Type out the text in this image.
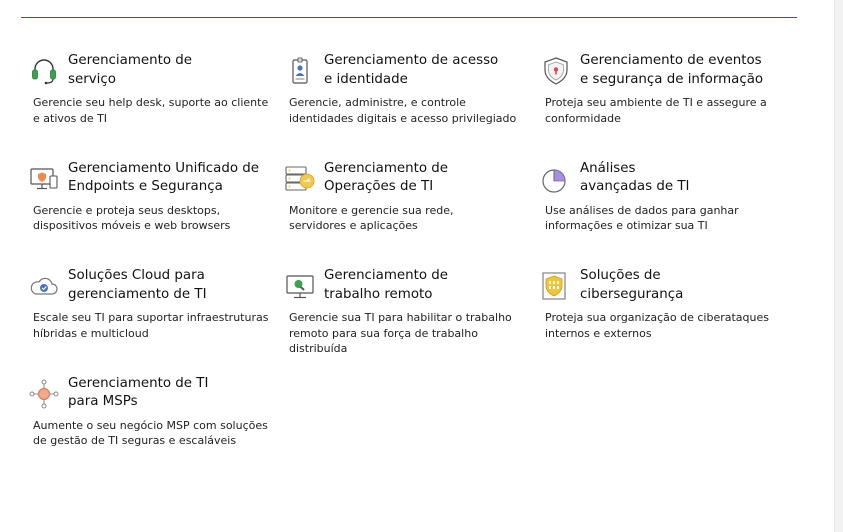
Gerenciamento de
serviço
Gerencie seu help desk, suporte ao cliente
e ativos de TI
Gerenciamento de acesso
e identidade
Gerencie, administre, e controle
identidades digitais e acesso privilegiado
Gerenciamento de eventos
e segurança de informação
Proteja seu ambiente de TI e assegure a
conformidade
Gerenciamento Unificado de
Endpoints e Segurança
Gerencie e proteja seus desktops,
dispositivos móveis e web browsers
Gerenciamento de
Operações de TI
Monitore e gerencie sua rede,
servidores e aplicações
Análises
avançadas de TI
Use análises de dados para ganhar
informações e otimizar sua TI
Soluções Cloud para
gerenciamento de TI
Escale seu TI para suportar infraestruturas
híbridas e multicloud
Gerenciamento de
trabalho remoto
Gerencie sua TI para habilitar o trabalho
remoto para sua força de trabalho
distribuída
Soluções de
cibersegurança
Proteja sua organização de ciberataques
internos e externos
Gerenciamento de TI
para MSPs
Aumente o seu negócio MSP com soluções
de gestão de TI seguras e escaláveis
